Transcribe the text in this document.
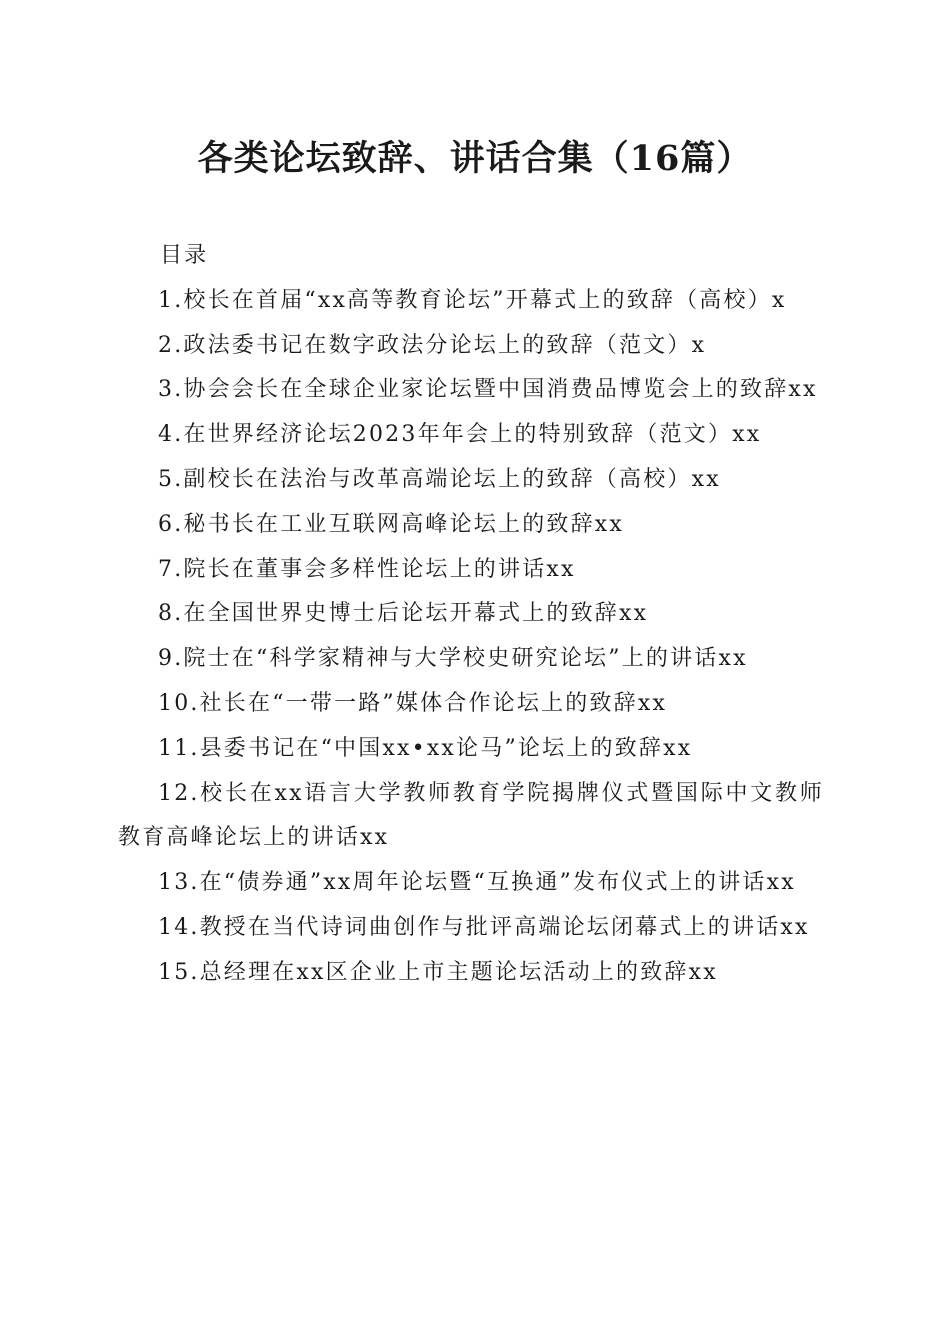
各类论坛致辞、讲话合集（16篇）

目录

1.校长在首届“xx高等教育论坛”开幕式上的致辞（高校）x
2.政法委书记在数字政法分论坛上的致辞（范文）x
3.协会会长在全球企业家论坛暨中国消费品博览会上的致辞xx
4.在世界经济论坛2023年年会上的特别致辞（范文）xx
5.副校长在法治与改革高端论坛上的致辞（高校）xx
6.秘书长在工业互联网高峰论坛上的致辞xx
7.院长在董事会多样性论坛上的讲话xx
8.在全国世界史博士后论坛开幕式上的致辞xx
9.院士在“科学家精神与大学校史研究论坛”上的讲话xx
10.社长在“一带一路”媒体合作论坛上的致辞xx
11.县委书记在“中国xx•xx论马”论坛上的致辞xx
12.校长在xx语言大学教师教育学院揭牌仪式暨国际中文教师教育高峰论坛上的讲话xx
13.在“债券通”xx周年论坛暨“互换通”发布仪式上的讲话xx
14.教授在当代诗词曲创作与批评高端论坛闭幕式上的讲话xx
15.总经理在xx区企业上市主题论坛活动上的致辞xx
